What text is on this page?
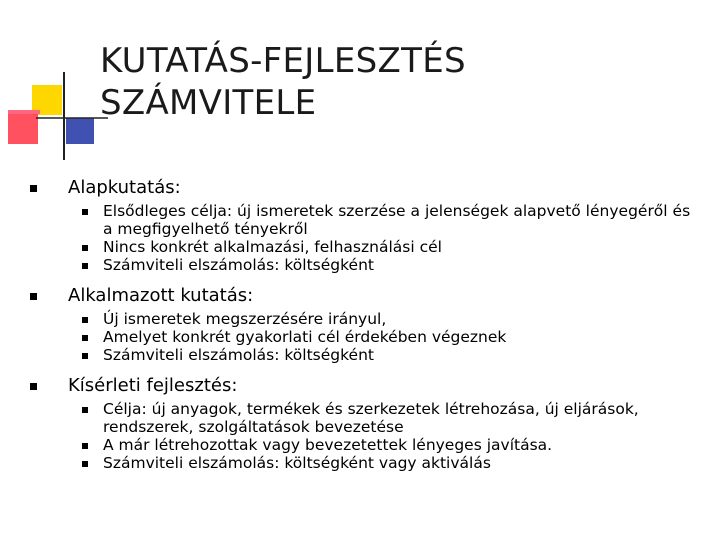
KUTATÁS-FEJLESZTÉS
SZÁMVITELE
Alapkutatás:
Elsődleges célja: új ismeretek szerzése a jelenségek alapvető lényegéről és a megfigyelhető tényekről
Nincs konkrét alkalmazási, felhasználási cél
Számviteli elszámolás: költségként
Alkalmazott kutatás:
Új ismeretek megszerzésére irányul,
Amelyet konkrét gyakorlati cél érdekében végeznek
Számviteli elszámolás: költségként
Kísérleti fejlesztés:
Célja: új anyagok, termékek és szerkezetek létrehozása, új eljárások, rendszerek, szolgáltatások bevezetése
A már létrehozottak vagy bevezetettek lényeges javítása.
Számviteli elszámolás: költségként vagy aktiválás
